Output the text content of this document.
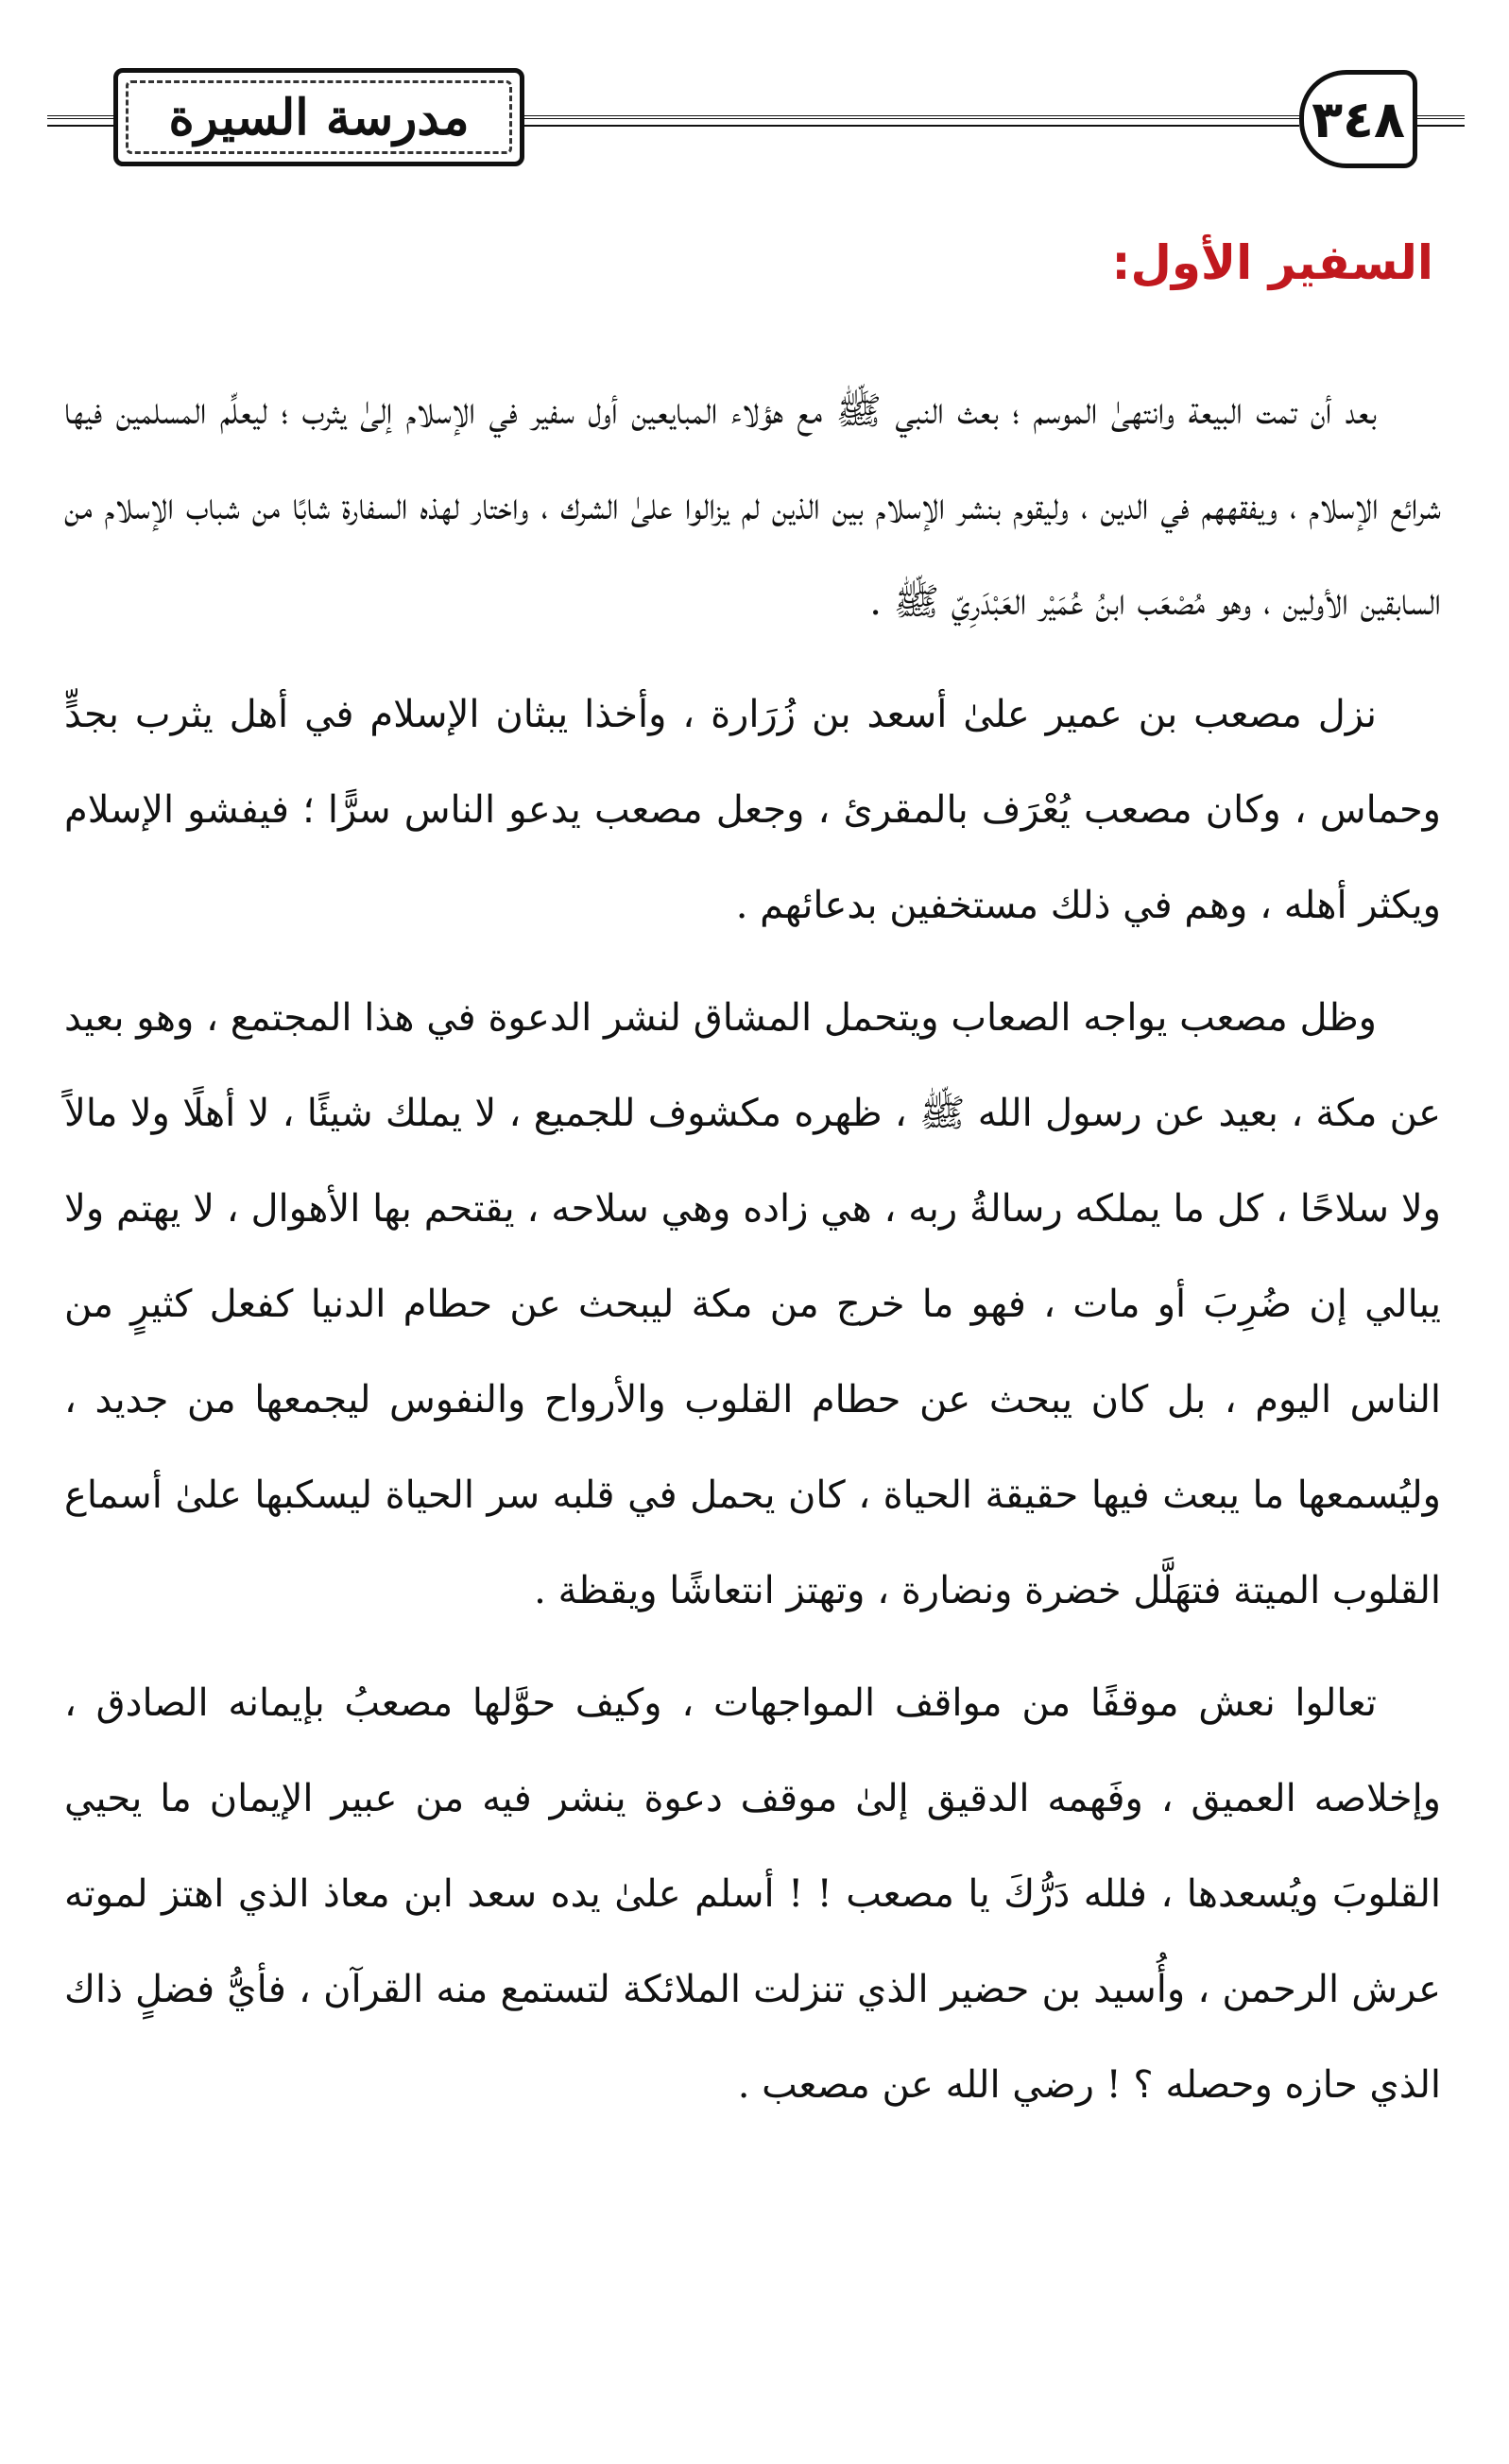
مدرسة السيرة	٣٤٨
السفير الأول:

بعد أن تمت البيعة وانتهىٰ الموسم ؛ بعث النبي ﷺ مع هؤلاء المبايعين أول سفير في الإسلام إلىٰ يثرب ؛ ليعلِّم المسلمين فيها شرائع الإسلام ، ويفقههم في الدين ، وليقوم بنشر الإسلام بين الذين لم يزالوا علىٰ الشرك ، واختار لهذه السفارة شابًا من شباب الإسلام من السابقين الأولين ، وهو مُصْعَب ابنُ عُمَيْر العَبْدَرِيّ ﷺ .

نزل مصعب بن عمير علىٰ أسعد بن زُرَارة ، وأخذا يبثان الإسلام في أهل يثرب بجدٍّ وحماس ، وكان مصعب يُعْرَف بالمقرئ ، وجعل مصعب يدعو الناس سرًّا ؛ فيفشو الإسلام ويكثر أهله ، وهم في ذلك مستخفين بدعائهم .

وظل مصعب يواجه الصعاب ويتحمل المشاق لنشر الدعوة في هذا المجتمع ، وهو بعيد عن مكة ، بعيد عن رسول الله ﷺ ، ظهره مكشوف للجميع ، لا يملك شيئًا ، لا أهلًا ولا مالاً ولا سلاحًا ، كل ما يملكه رسالةُ ربه ، هي زاده وهي سلاحه ، يقتحم بها الأهوال ، لا يهتم ولا يبالي إن ضُرِبَ أو مات ، فهو ما خرج من مكة ليبحث عن حطام الدنيا كفعل كثيرٍ من الناس اليوم ، بل كان يبحث عن حطام القلوب والأرواح والنفوس ليجمعها من جديد ، وليُسمعها ما يبعث فيها حقيقة الحياة ، كان يحمل في قلبه سر الحياة ليسكبها علىٰ أسماع القلوب الميتة فتهَلَّل خضرة ونضارة ، وتهتز انتعاشًا ويقظة .

تعالوا نعش موقفًا من مواقف المواجهات ، وكيف حوَّلها مصعبُ بإيمانه الصادق ، وإخلاصه العميق ، وفَهمه الدقيق إلىٰ موقف دعوة ينشر فيه من عبير الإيمان ما يحيي القلوبَ ويُسعدها ، فلله دَرُّكَ يا مصعب ! ! أسلم علىٰ يده سعد ابن معاذ الذي اهتز لموته عرش الرحمن ، وأُسيد بن حضير الذي تنزلت الملائكة لتستمع منه القرآن ، فأيُّ فضلٍ ذاك الذي حازه وحصله ؟ ! رضي الله عن مصعب .
